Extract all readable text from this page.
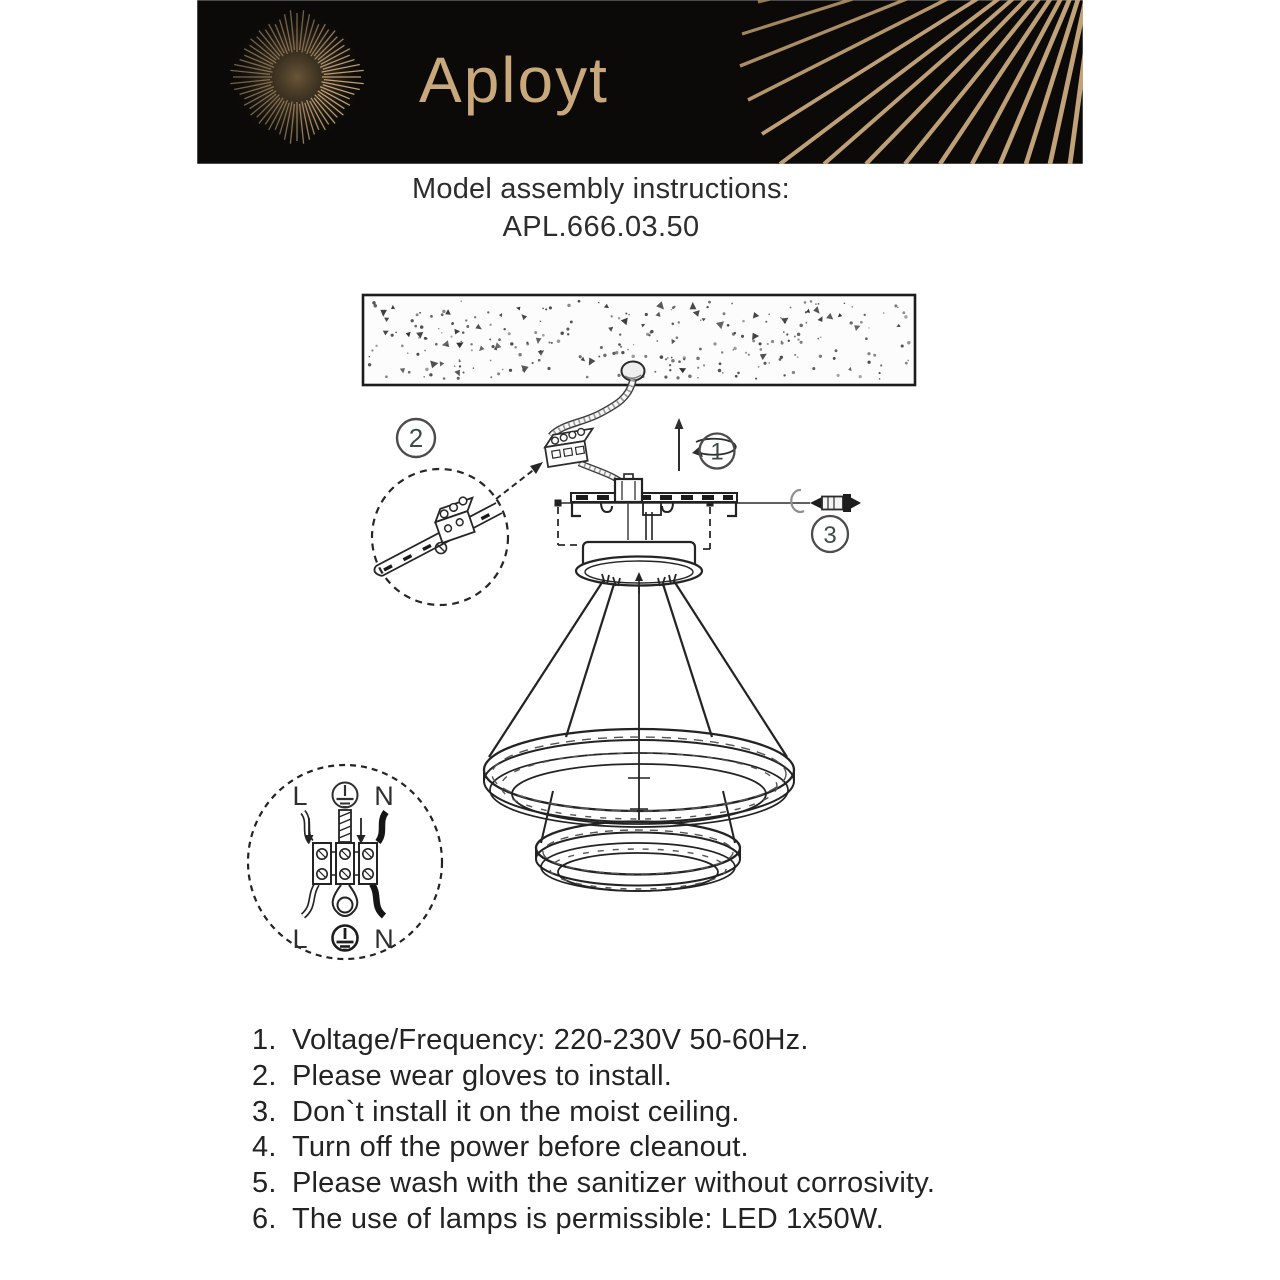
Aployt
Model assembly instructions:
APL.666.03.50
2	1
3
L N
L N
1. Voltage/Frequency: 220-230V 50-60Hz.
2. Please wear gloves to install.
3. Don`t install it on the moist ceiling.
4. Turn off the power before cleanout.
5. Please wash with the sanitizer without corrosivity.
6. The use of lamps is permissible: LED 1x50W.
